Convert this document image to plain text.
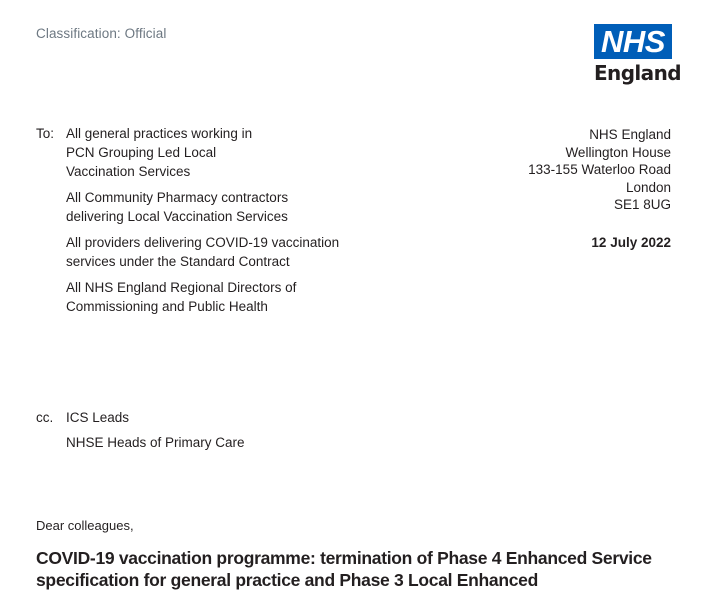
Classification: Official	NHS
England
To: All general practices working in PCN Grouping Led Local Vaccination Services
All Community Pharmacy contractors delivering Local Vaccination Services
All providers delivering COVID-19 vaccination services under the Standard Contract
All NHS England Regional Directors of Commissioning and Public Health
NHS England
Wellington House
133-155 Waterloo Road
London
SE1 8UG
12 July 2022
cc. ICS Leads
NHSE Heads of Primary Care
Dear colleagues,
COVID-19 vaccination programme: termination of Phase 4 Enhanced Service specification for general practice and Phase 3 Local Enhanced
